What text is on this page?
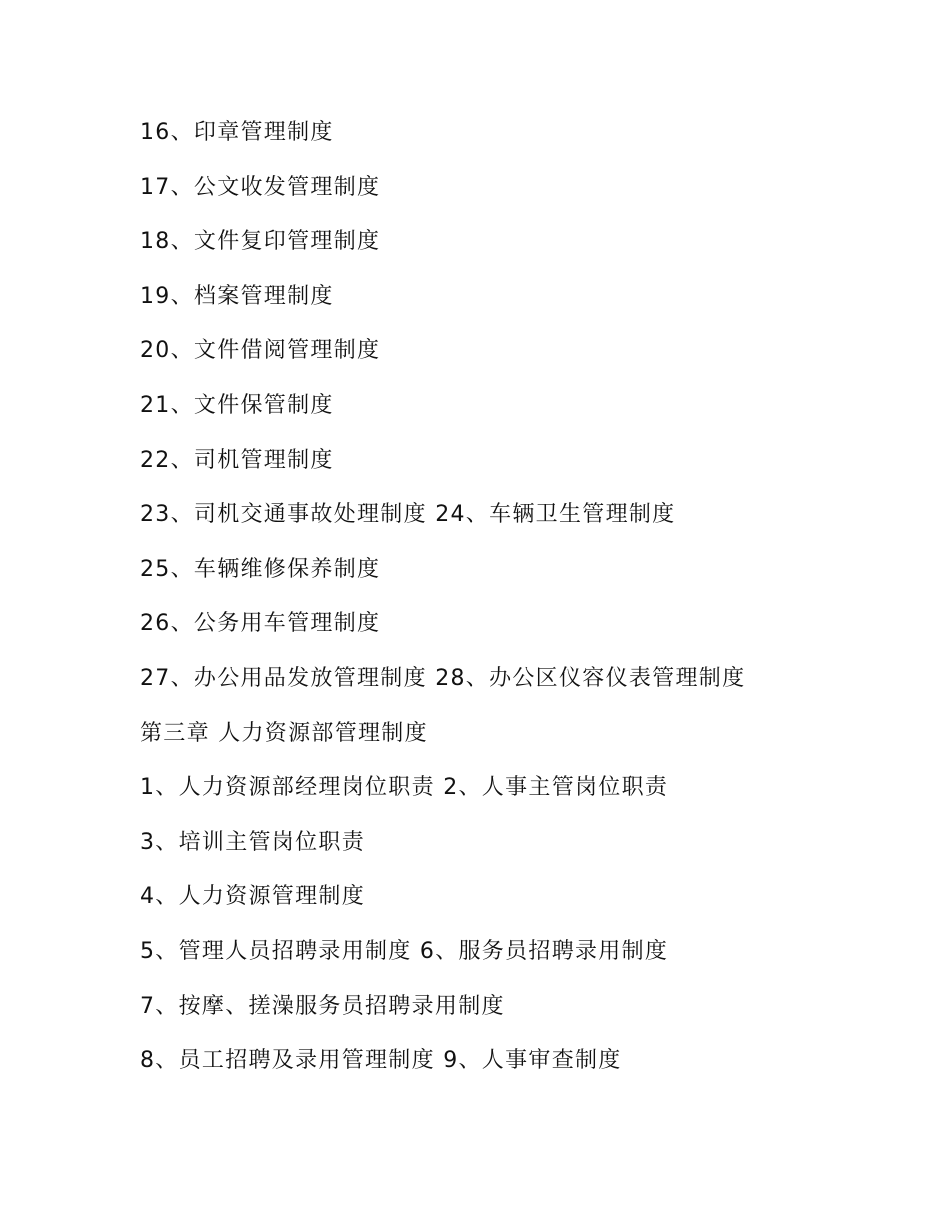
16、印章管理制度

17、公文收发管理制度

18、文件复印管理制度

19、档案管理制度

20、文件借阅管理制度

21、文件保管制度

22、司机管理制度

23、司机交通事故处理制度 24、车辆卫生管理制度

25、车辆维修保养制度

26、公务用车管理制度

27、办公用品发放管理制度 28、办公区仪容仪表管理制度

第三章 人力资源部管理制度

1、人力资源部经理岗位职责 2、人事主管岗位职责

3、培训主管岗位职责

4、人力资源管理制度

5、管理人员招聘录用制度 6、服务员招聘录用制度

7、按摩、搓澡服务员招聘录用制度

8、员工招聘及录用管理制度 9、人事审查制度
